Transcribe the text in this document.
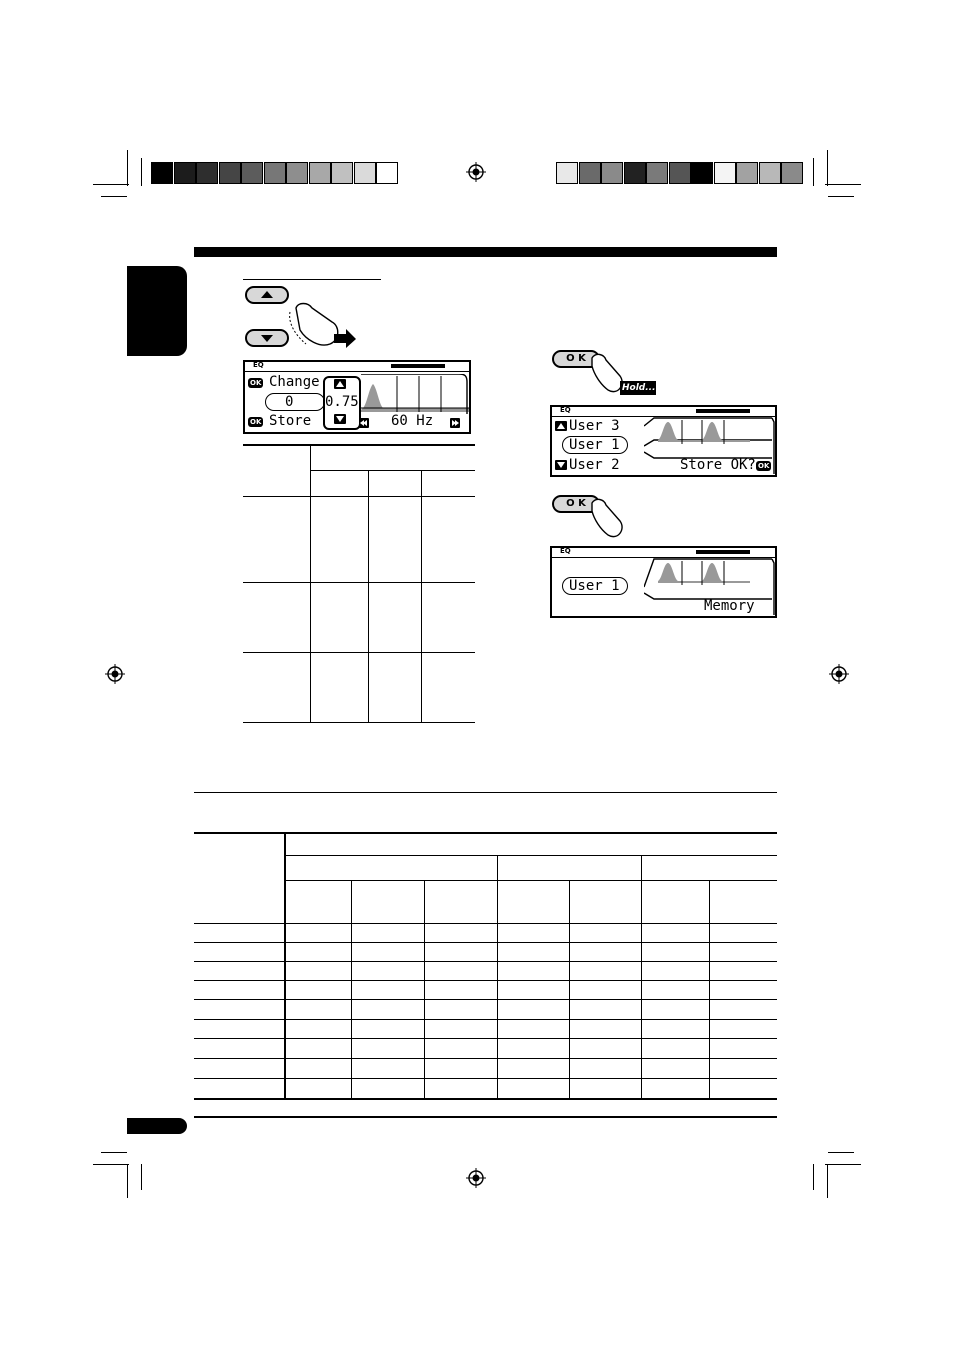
EQ
OK Change
0
OK Store
0.75
60 Hz
O K
Hold...
EQ
User 3
User 1
User 2	Store OK? OK
O K
EQ
User 1
Memory
